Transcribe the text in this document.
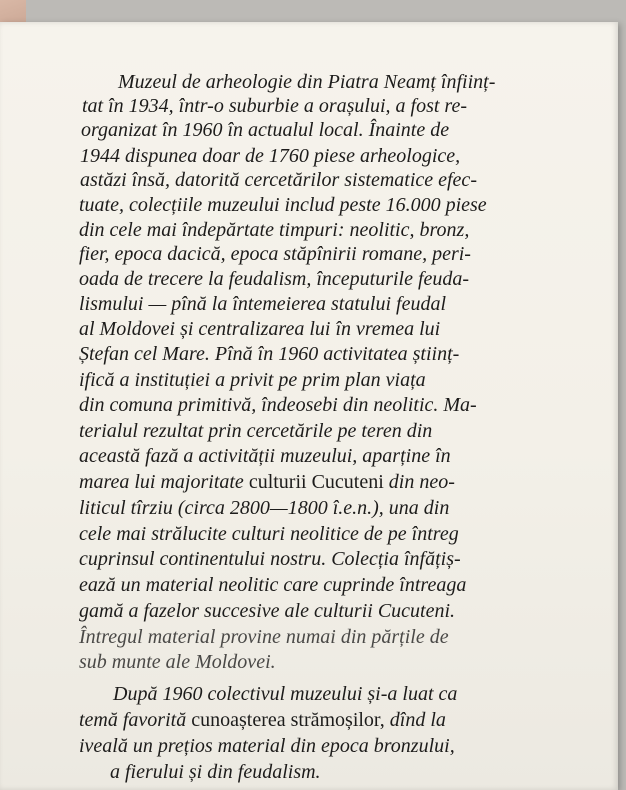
Muzeul de arheologie din Piatra Neamț înființ-
tat în 1934, într-o suburbie a orașului, a fost re-
organizat în 1960 în actualul local. Înainte de
1944 dispunea doar de 1760 piese arheologice,
astăzi însă, datorită cercetărilor sistematice efec-
tuate, colecțiile muzeului includ peste 16.000 piese
din cele mai îndepărtate timpuri: neolitic, bronz,
fier, epoca dacică, epoca stăpînirii romane, peri-
oada de trecere la feudalism, începuturile feuda-
lismului — pînă la întemeierea statului feudal
al Moldovei și centralizarea lui în vremea lui
Ștefan cel Mare. Pînă în 1960 activitatea științ-
ifică a instituției a privit pe prim plan viața
din comuna primitivă, îndeosebi din neolitic. Ma-
terialul rezultat prin cercetările pe teren din
această fază a activității muzeului, aparține în
marea lui majoritate culturii Cucuteni din neo-
liticul tîrziu (circa 2800—1800 î.e.n.), una din
cele mai strălucite culturi neolitice de pe întreg
cuprinsul continentului nostru. Colecția înfățiș-
ează un material neolitic care cuprinde întreaga
gamă a fazelor succesive ale culturii Cucuteni.
Întregul material provine numai din părțile de
sub munte ale Moldovei.
După 1960 colectivul muzeului și-a luat ca
temă favorită cunoașterea strămoșilor, dînd la
iveală un prețios material din epoca bronzului,
a fierului și din feudalism.
